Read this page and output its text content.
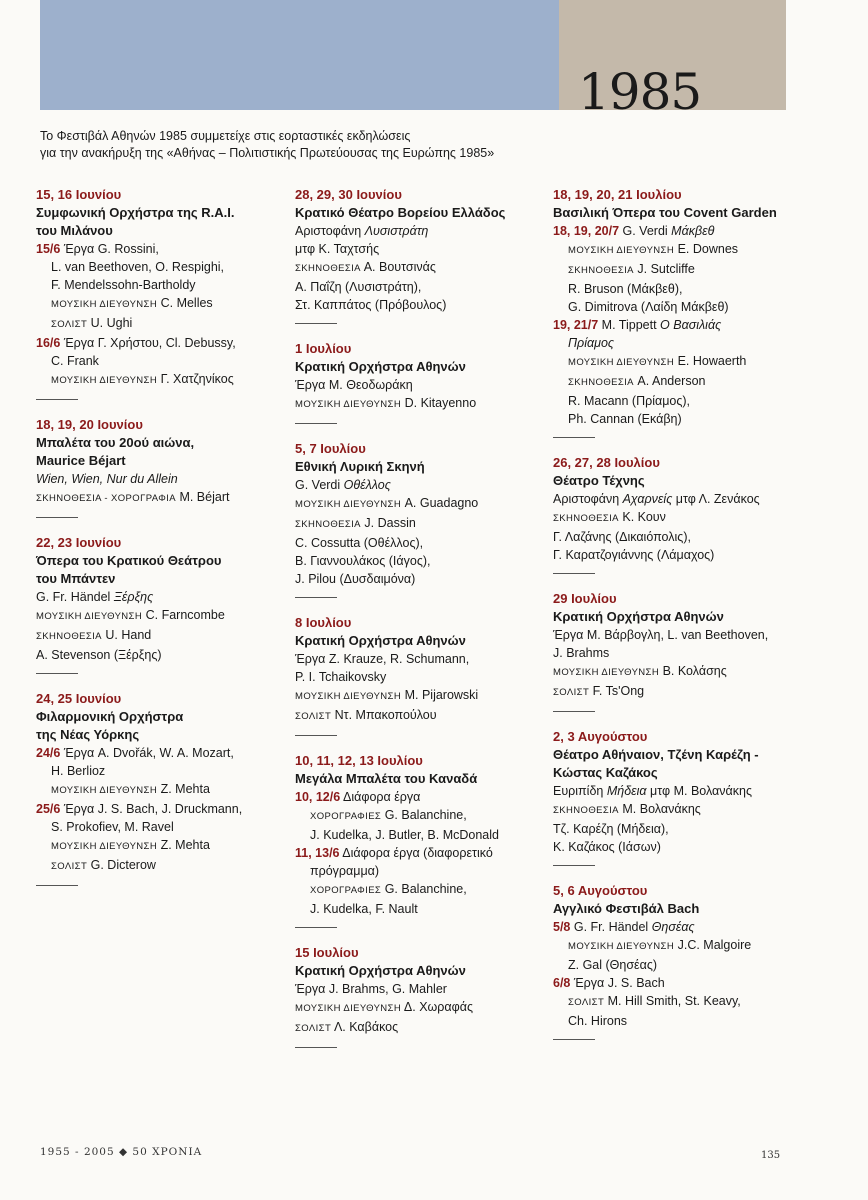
1985
Το Φεστιβάλ Αθηνών 1985 συμμετείχε στις εορταστικές εκδηλώσεις
για την ανακήρυξη της «Αθήνας – Πολιτιστικής Πρωτεύουσας της Ευρώπης 1985»
15, 16 Ιουνίου
Συμφωνική Ορχήστρα της R.A.I.
του Μιλάνου
15/6 Έργα G. Rossini,
L. van Beethoven, O. Respighi,
F. Mendelssohn-Bartholdy
ΜΟΥΣΙΚΗ ΔΙΕΥΘΥΝΣΗ C. Melles
ΣΟΛΙΣΤ U. Ughi
16/6 Έργα Γ. Χρήστου, Cl. Debussy,
C. Frank
ΜΟΥΣΙΚΗ ΔΙΕΥΘΥΝΣΗ Γ. Χατζηνίκος
18, 19, 20 Ιουνίου
Μπαλέτα του 20ού αιώνα,
Maurice Béjart
Wien, Wien, Nur du Allein
ΣΚΗΝΟΘΕΣΙΑ - ΧΟΡΟΓΡΑΦΙΑ M. Béjart
22, 23 Ιουνίου
Όπερα του Κρατικού Θεάτρου
του Μπάντεν
G. Fr. Händel Ξέρξης
ΜΟΥΣΙΚΗ ΔΙΕΥΘΥΝΣΗ C. Farncombe
ΣΚΗΝΟΘΕΣΙΑ U. Hand
A. Stevenson (Ξέρξης)
24, 25 Ιουνίου
Φιλαρμονική Ορχήστρα
της Νέας Υόρκης
24/6 Έργα A. Dvořák, W. A. Mozart,
H. Berlioz
ΜΟΥΣΙΚΗ ΔΙΕΥΘΥΝΣΗ Z. Mehta
25/6 Έργα J. S. Bach, J. Druckmann,
S. Prokofiev, M. Ravel
ΜΟΥΣΙΚΗ ΔΙΕΥΘΥΝΣΗ Z. Mehta
ΣΟΛΙΣΤ G. Dicterow
28, 29, 30 Ιουνίου
Κρατικό Θέατρο Βορείου Ελλάδος
Αριστοφάνη Λυσιστράτη
μτφ Κ. Ταχτσής
ΣΚΗΝΟΘΕΣΙΑ Α. Βουτσινάς
Α. Παΐζη (Λυσιστράτη),
Στ. Καππάτος (Πρόβουλος)
1 Ιουλίου
Κρατική Ορχήστρα Αθηνών
Έργα Μ. Θεοδωράκη
ΜΟΥΣΙΚΗ ΔΙΕΥΘΥΝΣΗ D. Kitayenno
5, 7 Ιουλίου
Εθνική Λυρική Σκηνή
G. Verdi Οθέλλος
ΜΟΥΣΙΚΗ ΔΙΕΥΘΥΝΣΗ A. Guadagno
ΣΚΗΝΟΘΕΣΙΑ J. Dassin
C. Cossutta (Οθέλλος),
Β. Γιαννουλάκος (Ιάγος),
J. Pilou (Δυσδαιμόνα)
8 Ιουλίου
Κρατική Ορχήστρα Αθηνών
Έργα Z. Krauze, R. Schumann,
P. I. Tchaikovsky
ΜΟΥΣΙΚΗ ΔΙΕΥΘΥΝΣΗ M. Pijarowski
ΣΟΛΙΣΤ Ντ. Μπακοπούλου
10, 11, 12, 13 Ιουλίου
Μεγάλα Μπαλέτα του Καναδά
10, 12/6 Διάφορα έργα
ΧΟΡΟΓΡΑΦΙΕΣ G. Balanchine,
J. Kudelka, J. Butler, B. McDonald
11, 13/6 Διάφορα έργα (διαφορετικό
πρόγραμμα)
ΧΟΡΟΓΡΑΦΙΕΣ G. Balanchine,
J. Kudelka, F. Nault
15 Ιουλίου
Κρατική Ορχήστρα Αθηνών
Έργα J. Brahms, G. Mahler
ΜΟΥΣΙΚΗ ΔΙΕΥΘΥΝΣΗ Δ. Χωραφάς
ΣΟΛΙΣΤ Λ. Καβάκος
18, 19, 20, 21 Ιουλίου
Βασιλική Όπερα του Covent Garden
18, 19, 20/7 G. Verdi Μάκβεθ
ΜΟΥΣΙΚΗ ΔΙΕΥΘΥΝΣΗ E. Downes
ΣΚΗΝΟΘΕΣΙΑ J. Sutcliffe
R. Bruson (Μάκβεθ),
G. Dimitrova (Λαίδη Μάκβεθ)
19, 21/7 M. Tippett Ο Βασιλιάς
Πρίαμος
ΜΟΥΣΙΚΗ ΔΙΕΥΘΥΝΣΗ E. Howaerth
ΣΚΗΝΟΘΕΣΙΑ A. Anderson
R. Macann (Πρίαμος),
Ph. Cannan (Εκάβη)
26, 27, 28 Ιουλίου
Θέατρο Τέχνης
Αριστοφάνη Αχαρνείς μτφ Λ. Ζενάκος
ΣΚΗΝΟΘΕΣΙΑ Κ. Κουν
Γ. Λαζάνης (Δικαιόπολις),
Γ. Καρατζογιάννης (Λάμαχος)
29 Ιουλίου
Κρατική Ορχήστρα Αθηνών
Έργα Μ. Βάρβογλη, L. van Beethoven,
J. Brahms
ΜΟΥΣΙΚΗ ΔΙΕΥΘΥΝΣΗ Β. Κολάσης
ΣΟΛΙΣΤ F. Ts'Ong
2, 3 Αυγούστου
Θέατρο Αθήναιον, Τζένη Καρέζη -
Κώστας Καζάκος
Ευριπίδη Μήδεια μτφ Μ. Βολανάκης
ΣΚΗΝΟΘΕΣΙΑ Μ. Βολανάκης
Τζ. Καρέζη (Μήδεια),
Κ. Καζάκος (Ιάσων)
5, 6 Αυγούστου
Αγγλικό Φεστιβάλ Bach
5/8 G. Fr. Händel Θησέας
ΜΟΥΣΙΚΗ ΔΙΕΥΘΥΝΣΗ J.C. Malgoire
Z. Gal (Θησέας)
6/8 Έργα J. S. Bach
ΣΟΛΙΣΤ M. Hill Smith, St. Keavy,
Ch. Hirons
1955 - 2005 ◆ 50 ΧΡΟΝΙΑ	135
